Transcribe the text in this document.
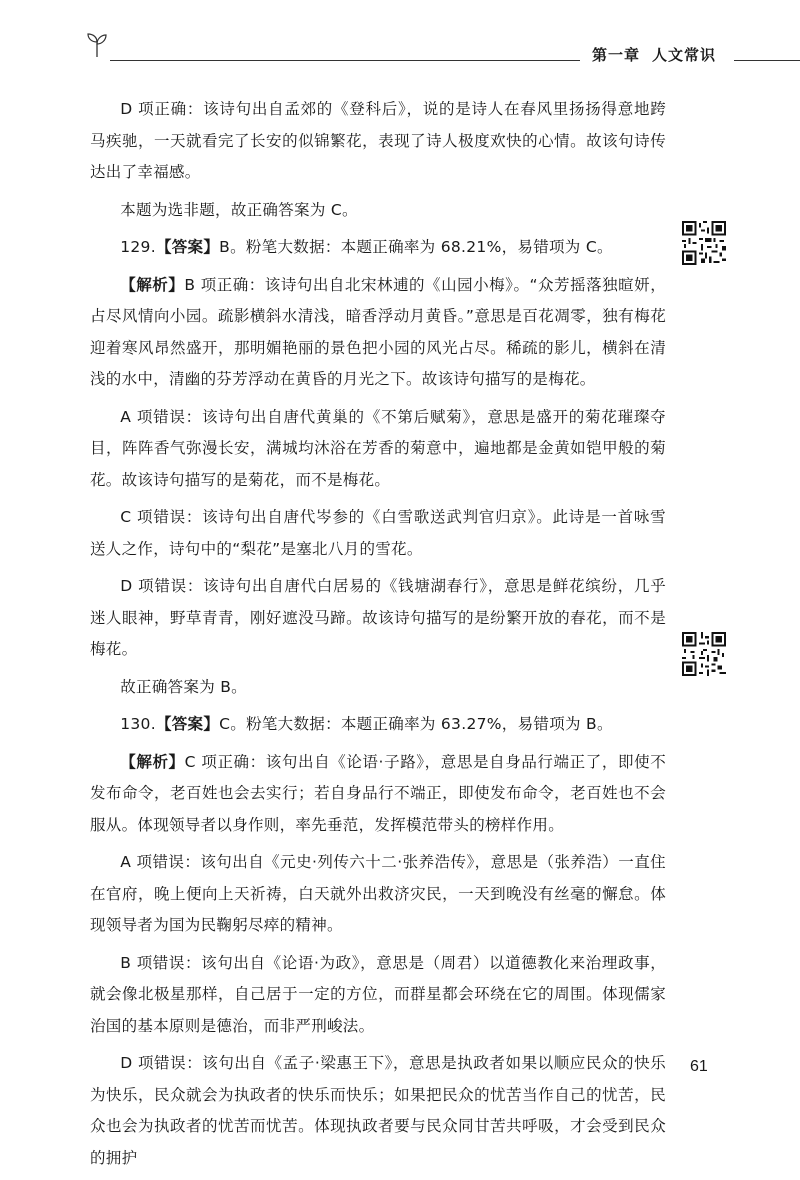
第一章 人文常识

D 项正确：该诗句出自孟郊的《登科后》，说的是诗人在春风里扬扬得意地跨马疾驰，一天就看完了长安的似锦繁花，表现了诗人极度欢快的心情。故该句诗传达出了幸福感。

本题为选非题，故正确答案为 C。

129.【答案】B。粉笔大数据：本题正确率为 68.21%，易错项为 C。

【解析】B 项正确：该诗句出自北宋林逋的《山园小梅》。“众芳摇落独暄妍，占尽风情向小园。疏影横斜水清浅，暗香浮动月黄昏。”意思是百花凋零，独有梅花迎着寒风昂然盛开，那明媚艳丽的景色把小园的风光占尽。稀疏的影儿，横斜在清浅的水中，清幽的芬芳浮动在黄昏的月光之下。故该诗句描写的是梅花。

A 项错误：该诗句出自唐代黄巢的《不第后赋菊》，意思是盛开的菊花璀璨夺目，阵阵香气弥漫长安，满城均沐浴在芳香的菊意中，遍地都是金黄如铠甲般的菊花。故该诗句描写的是菊花，而不是梅花。

C 项错误：该诗句出自唐代岑参的《白雪歌送武判官归京》。此诗是一首咏雪送人之作，诗句中的“梨花”是塞北八月的雪花。

D 项错误：该诗句出自唐代白居易的《钱塘湖春行》，意思是鲜花缤纷，几乎迷人眼神，野草青青，刚好遮没马蹄。故该诗句描写的是纷繁开放的春花，而不是梅花。

故正确答案为 B。

130.【答案】C。粉笔大数据：本题正确率为 63.27%，易错项为 B。

【解析】C 项正确：该句出自《论语·子路》，意思是自身品行端正了，即使不发布命令，老百姓也会去实行；若自身品行不端正，即使发布命令，老百姓也不会服从。体现领导者以身作则，率先垂范，发挥模范带头的榜样作用。

A 项错误：该句出自《元史·列传六十二·张养浩传》，意思是（张养浩）一直住在官府，晚上便向上天祈祷，白天就外出救济灾民，一天到晚没有丝毫的懈怠。体现领导者为国为民鞠躬尽瘁的精神。

B 项错误：该句出自《论语·为政》，意思是（周君）以道德教化来治理政事，就会像北极星那样，自己居于一定的方位，而群星都会环绕在它的周围。体现儒家治国的基本原则是德治，而非严刑峻法。

D 项错误：该句出自《孟子·梁惠王下》，意思是执政者如果以顺应民众的快乐为快乐，民众就会为执政者的快乐而快乐；如果把民众的忧苦当作自己的忧苦，民众也会为执政者的忧苦而忧苦。体现执政者要与民众同甘苦共呼吸，才会受到民众的拥护

61
